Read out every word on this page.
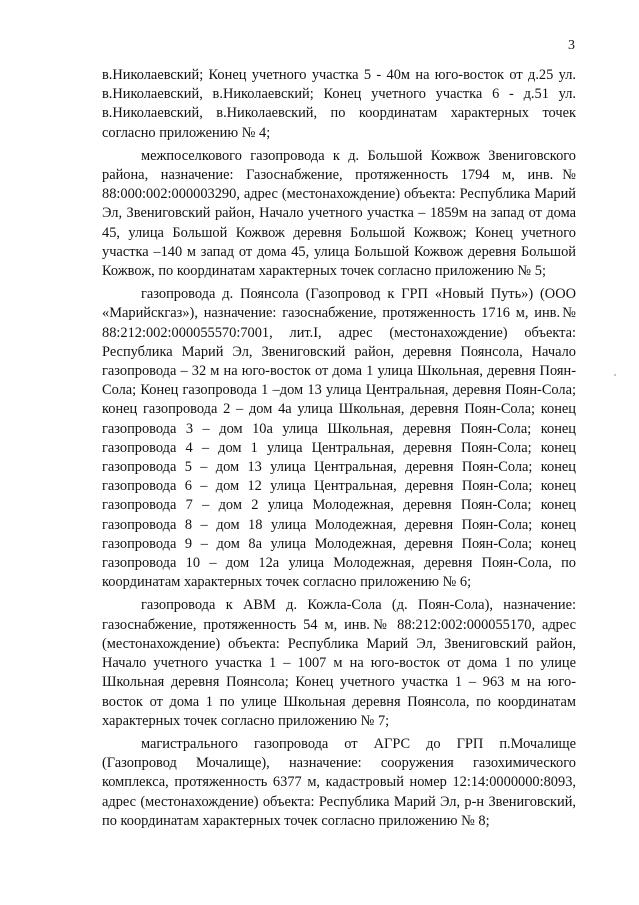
3

в.Николаевский; Конец учетного участка 5 - 40м на юго-восток от д.25 ул. в.Николаевский, в.Николаевский; Конец учетного участка 6 - д.51 ул. в.Николаевский, в.Николаевский, по координатам характерных точек согласно приложению № 4;

межпоселкового газопровода к д. Большой Кожвож Звениговского района, назначение: Газоснабжение, протяженность 1794 м, инв.№ 88:000:002:000003290, адрес (местонахождение) объекта: Республика Марий Эл, Звениговский район, Начало учетного участка – 1859м на запад от дома 45, улица Большой Кожвож деревня Большой Кожвож; Конец учетного участка –140 м запад от дома 45, улица Большой Кожвож деревня Большой Кожвож, по координатам характерных точек согласно приложению № 5;

газопровода д. Поянсола (Газопровод к ГРП «Новый Путь») (ООО «Марийскгаз»), назначение: газоснабжение, протяженность 1716 м, инв.№ 88:212:002:000055570:7001, лит.I, адрес (местонахождение) объекта: Республика Марий Эл, Звениговский район, деревня Поянсола, Начало газопровода – 32 м на юго-восток от дома 1 улица Школьная, деревня Поян-Сола; Конец газопровода 1 –дом 13 улица Центральная, деревня Поян-Сола; конец газопровода 2 – дом 4а улица Школьная, деревня Поян-Сола; конец газопровода 3 – дом 10а улица Школьная, деревня Поян-Сола; конец газопровода 4 – дом 1 улица Центральная, деревня Поян-Сола; конец газопровода 5 – дом 13 улица Центральная, деревня Поян-Сола; конец газопровода 6 – дом 12 улица Центральная, деревня Поян-Сола; конец газопровода 7 – дом 2 улица Молодежная, деревня Поян-Сола; конец газопровода 8 – дом 18 улица Молодежная, деревня Поян-Сола; конец газопровода 9 – дом 8а улица Молодежная, деревня Поян-Сола; конец газопровода 10 – дом 12а улица Молодежная, деревня Поян-Сола, по координатам характерных точек согласно приложению № 6;

газопровода к АВМ д. Кожла-Сола (д. Поян-Сола), назначение: газоснабжение, протяженность 54 м, инв.№ 88:212:002:000055170, адрес (местонахождение) объекта: Республика Марий Эл, Звениговский район, Начало учетного участка 1 – 1007 м на юго-восток от дома 1 по улице Школьная деревня Поянсола; Конец учетного участка 1 – 963 м на юго-восток от дома 1 по улице Школьная деревня Поянсола, по координатам характерных точек согласно приложению № 7;

магистрального газопровода от АГРС до ГРП п.Мочалище (Газопровод Мочалище), назначение: сооружения газохимического комплекса, протяженность 6377 м, кадастровый номер 12:14:0000000:8093, адрес (местонахождение) объекта: Республика Марий Эл, р-н Звениговский, по координатам характерных точек согласно приложению № 8;
